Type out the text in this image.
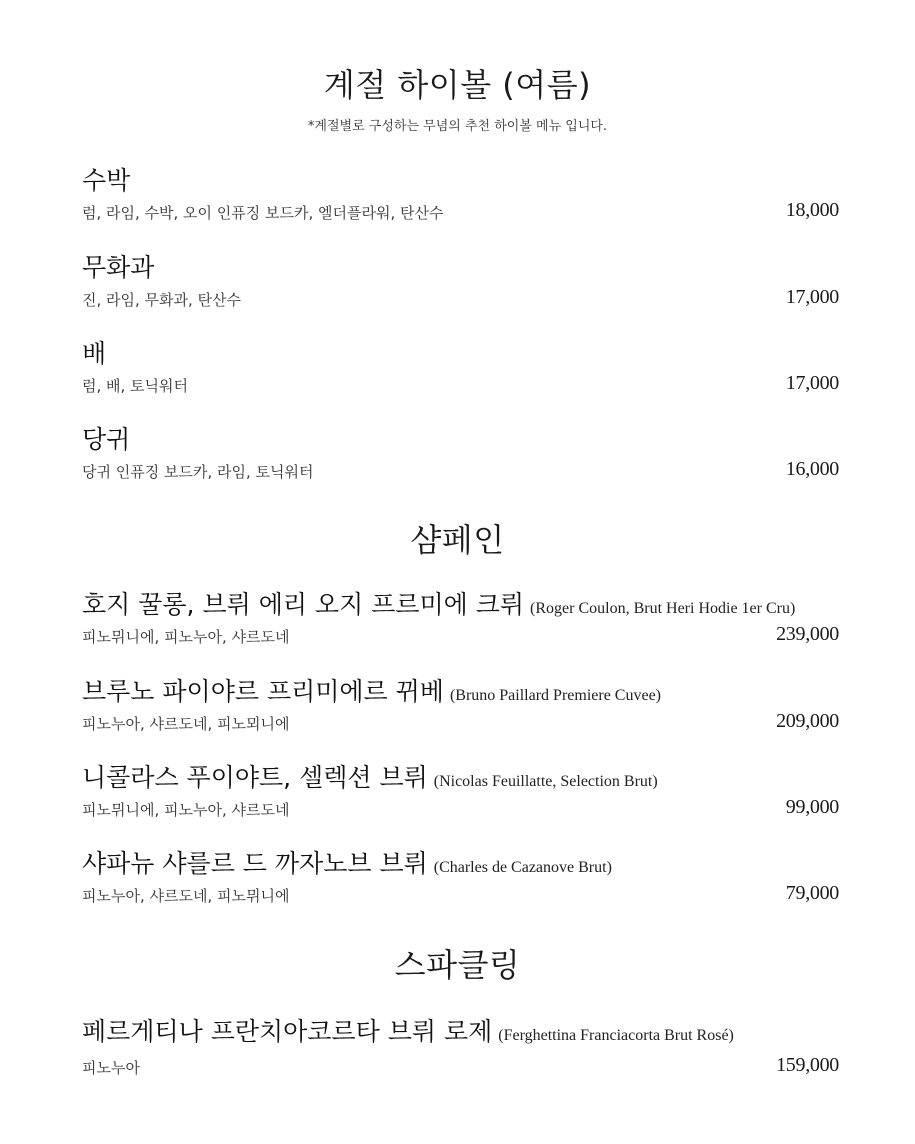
계절 하이볼 (여름)
*계절별로 구성하는 무념의 추천 하이볼 메뉴 입니다.
수박
럼, 라임, 수박, 오이 인퓨징 보드카, 엘더플라워, 탄산수	18,000
무화과
진, 라임, 무화과, 탄산수	17,000
배
럼, 배, 토닉워터	17,000
당귀
당귀 인퓨징 보드카, 라임, 토닉워터	16,000
샴페인
호지 꿀롱, 브뤼 에리 오지 프르미에 크뤼 (Roger Coulon, Brut Heri Hodie 1er Cru)
피노뮈니에, 피노누아, 샤르도네	239,000
브루노 파이야르 프리미에르 뀌베 (Bruno Paillard Premiere Cuvee)
피노누아, 샤르도네, 피노뫼니에	209,000
니콜라스 푸이야트, 셀렉션 브뤼 (Nicolas Feuillatte, Selection Brut)
피노뮈니에, 피노누아, 샤르도네	99,000
샤파뉴 샤를르 드 까자노브 브뤼 (Charles de Cazanove Brut)
피노누아, 샤르도네, 피노뮈니에	79,000
스파클링
페르게티나 프란치아코르타 브뤼 로제 (Ferghettina Franciacorta Brut Rosé)
피노누아	159,000
